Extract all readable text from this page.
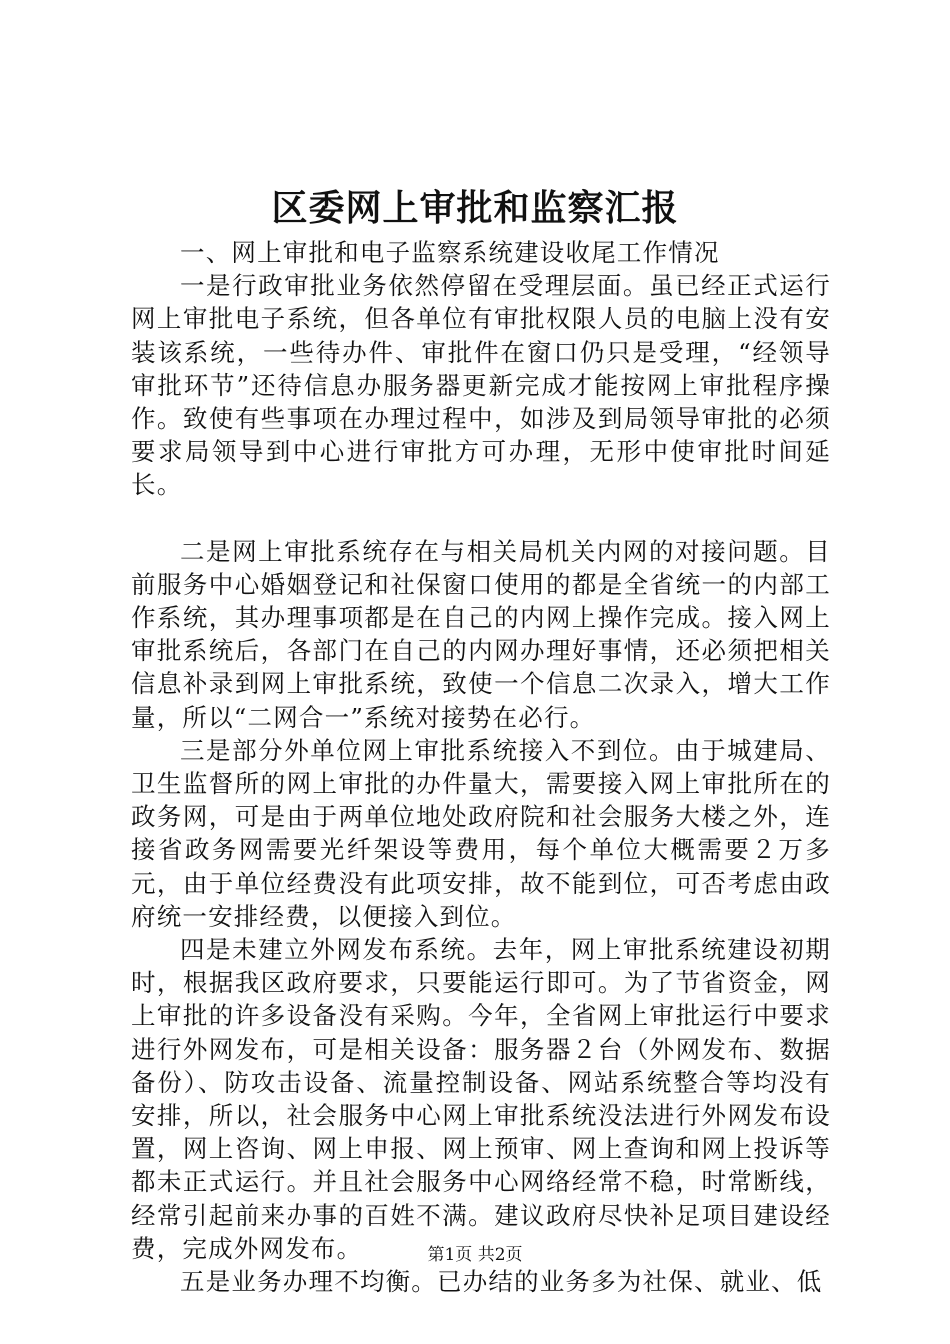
区委网上审批和监察汇报

一、网上审批和电子监察系统建设收尾工作情况

一是行政审批业务依然停留在受理层面。虽已经正式运行网上审批电子系统，但各单位有审批权限人员的电脑上没有安装该系统，一些待办件、审批件在窗口仍只是受理，“经领导审批环节”还待信息办服务器更新完成才能按网上审批程序操作。致使有些事项在办理过程中，如涉及到局领导审批的必须要求局领导到中心进行审批方可办理，无形中使审批时间延长。

二是网上审批系统存在与相关局机关内网的对接问题。目前服务中心婚姻登记和社保窗口使用的都是全省统一的内部工作系统，其办理事项都是在自己的内网上操作完成。接入网上审批系统后，各部门在自己的内网办理好事情，还必须把相关信息补录到网上审批系统，致使一个信息二次录入，增大工作量，所以“二网合一”系统对接势在必行。

三是部分外单位网上审批系统接入不到位。由于城建局、卫生监督所的网上审批的办件量大，需要接入网上审批所在的政务网，可是由于两单位地处政府院和社会服务大楼之外，连接省政务网需要光纤架设等费用，每个单位大概需要２万多元，由于单位经费没有此项安排，故不能到位，可否考虑由政府统一安排经费，以便接入到位。

四是未建立外网发布系统。去年，网上审批系统建设初期时，根据我区政府要求，只要能运行即可。为了节省资金，网上审批的许多设备没有采购。今年，全省网上审批运行中要求进行外网发布，可是相关设备：服务器２台（外网发布、数据备份）、防攻击设备、流量控制设备、网站系统整合等均没有安排，所以，社会服务中心网上审批系统没法进行外网发布设置，网上咨询、网上申报、网上预审、网上查询和网上投诉等都未正式运行。并且社会服务中心网络经常不稳，时常断线，经常引起前来办事的百姓不满。建议政府尽快补足项目建设经费，完成外网发布。

五是业务办理不均衡。已办结的业务多为社保、就业、低

第1页 共2页
